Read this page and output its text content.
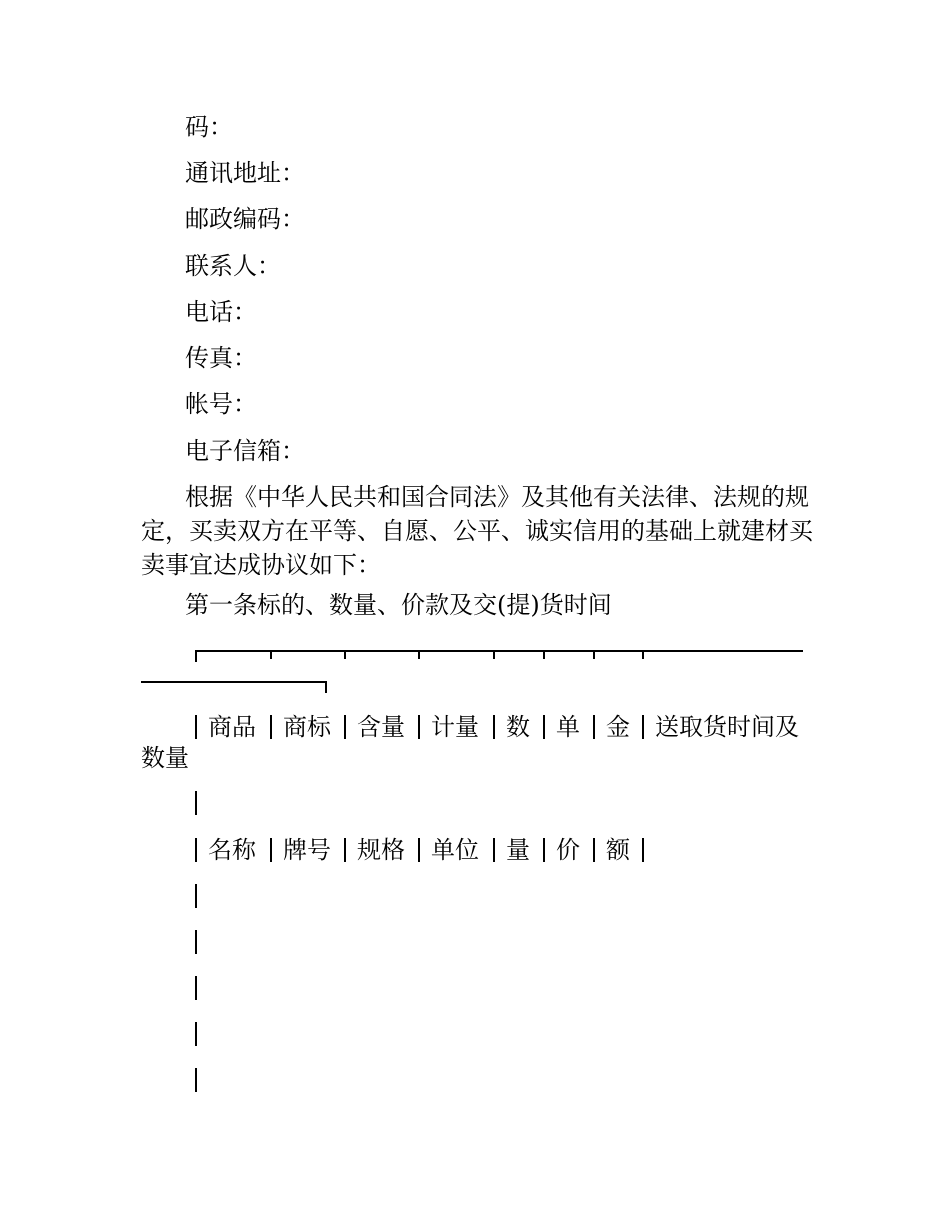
码：
通讯地址：
邮政编码：
联系人：
电话：
传真：
帐号：
电子信箱：
根据《中华人民共和国合同法》及其他有关法律、法规的规定，买卖双方在平等、自愿、公平、诚实信用的基础上就建材买卖事宜达成协议如下：
第一条标的、数量、价款及交(提)货时间
商品 商标 含量 计量 数 单 金 送取货时间及
数量
名称 牌号 规格 单位 量 价 额
